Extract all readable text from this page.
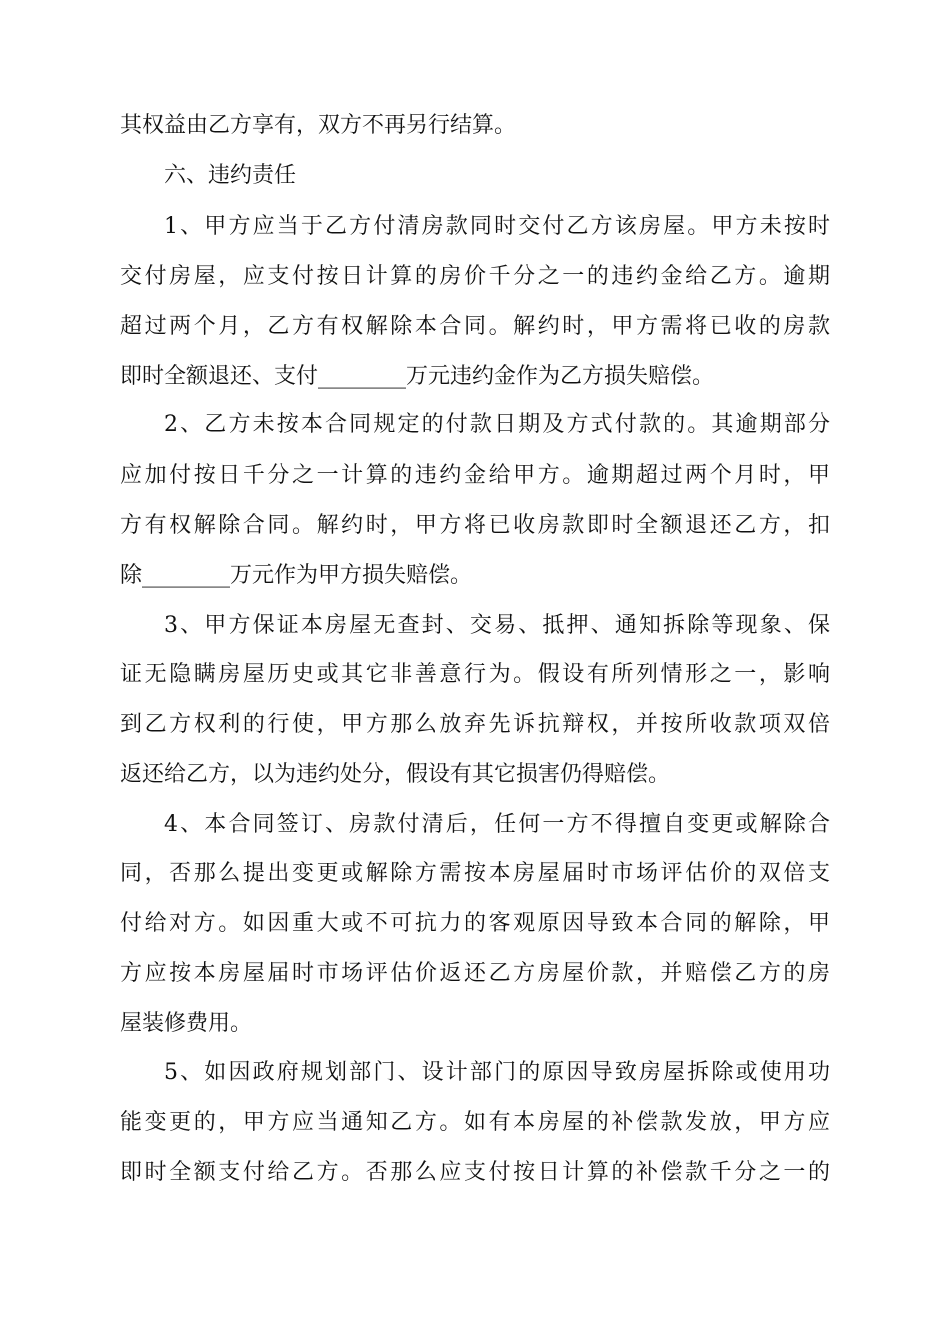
其权益由乙方享有，双方不再另行结算。
六、违约责任
1、甲方应当于乙方付清房款同时交付乙方该房屋。甲方未按时
交付房屋，应支付按日计算的房价千分之一的违约金给乙方。逾期
超过两个月，乙方有权解除本合同。解约时，甲方需将已收的房款
即时全额退还、支付________万元违约金作为乙方损失赔偿。
2、乙方未按本合同规定的付款日期及方式付款的。其逾期部分
应加付按日千分之一计算的违约金给甲方。逾期超过两个月时，甲
方有权解除合同。解约时，甲方将已收房款即时全额退还乙方，扣
除________万元作为甲方损失赔偿。
3、甲方保证本房屋无查封、交易、抵押、通知拆除等现象、保
证无隐瞒房屋历史或其它非善意行为。假设有所列情形之一，影响
到乙方权利的行使，甲方那么放弃先诉抗辩权，并按所收款项双倍
返还给乙方，以为违约处分，假设有其它损害仍得赔偿。
4、本合同签订、房款付清后，任何一方不得擅自变更或解除合
同，否那么提出变更或解除方需按本房屋届时市场评估价的双倍支
付给对方。如因重大或不可抗力的客观原因导致本合同的解除，甲
方应按本房屋届时市场评估价返还乙方房屋价款，并赔偿乙方的房
屋装修费用。
5、如因政府规划部门、设计部门的原因导致房屋拆除或使用功
能变更的，甲方应当通知乙方。如有本房屋的补偿款发放，甲方应
即时全额支付给乙方。否那么应支付按日计算的补偿款千分之一的
